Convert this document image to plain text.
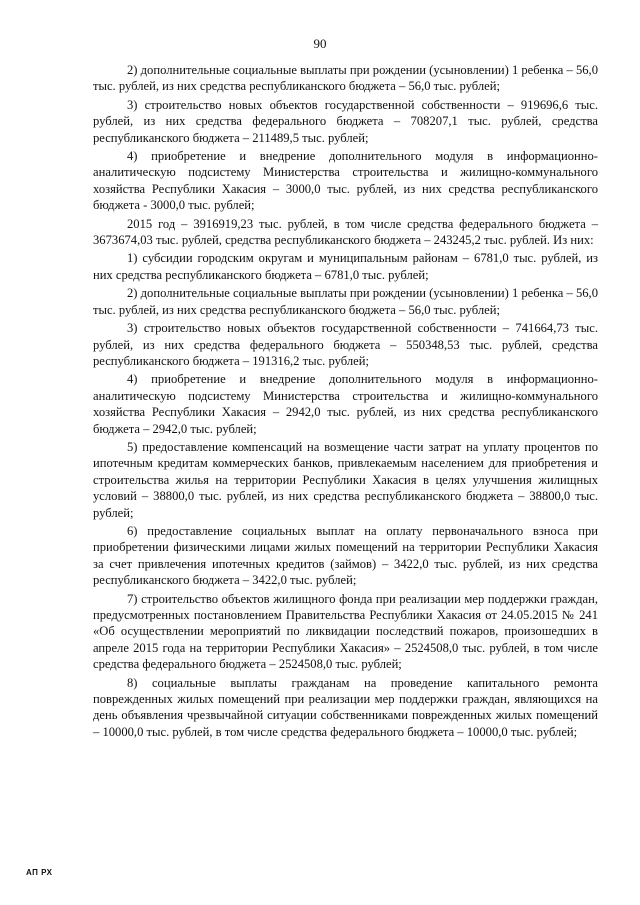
90

2) дополнительные социальные выплаты при рождении (усыновлении) 1 ребенка – 56,0 тыс. рублей, из них средства республиканского бюджета – 56,0 тыс. рублей;

3) строительство новых объектов государственной собственности – 919696,6 тыс. рублей, из них средства федерального бюджета – 708207,1 тыс. рублей, средства республиканского бюджета – 211489,5 тыс. рублей;

4) приобретение и внедрение дополнительного модуля в информационно-аналитическую подсистему Министерства строительства и жилищно-коммунального хозяйства Республики Хакасия – 3000,0 тыс. рублей, из них средства республиканского бюджета - 3000,0 тыс. рублей;

2015 год – 3916919,23 тыс. рублей, в том числе средства федерального бюджета – 3673674,03 тыс. рублей, средства республиканского бюджета – 243245,2 тыс. рублей. Из них:

1) субсидии городским округам и муниципальным районам – 6781,0 тыс. рублей, из них средства республиканского бюджета – 6781,0 тыс. рублей;

2) дополнительные социальные выплаты при рождении (усыновлении) 1 ребенка – 56,0 тыс. рублей, из них средства республиканского бюджета – 56,0 тыс. рублей;

3) строительство новых объектов государственной собственности – 741664,73 тыс. рублей, из них средства федерального бюджета – 550348,53 тыс. рублей, средства республиканского бюджета – 191316,2 тыс. рублей;

4) приобретение и внедрение дополнительного модуля в информационно-аналитическую подсистему Министерства строительства и жилищно-коммунального хозяйства Республики Хакасия – 2942,0 тыс. рублей, из них средства республиканского бюджета – 2942,0 тыс. рублей;

5) предоставление компенсаций на возмещение части затрат на уплату процентов по ипотечным кредитам коммерческих банков, привлекаемым населением для приобретения и строительства жилья на территории Республики Хакасия в целях улучшения жилищных условий – 38800,0 тыс. рублей, из них средства республиканского бюджета – 38800,0 тыс. рублей;

6) предоставление социальных выплат на оплату первоначального взноса при приобретении физическими лицами жилых помещений на территории Республики Хакасия за счет привлечения ипотечных кредитов (займов) – 3422,0 тыс. рублей, из них средства республиканского бюджета – 3422,0 тыс. рублей;

7) строительство объектов жилищного фонда при реализации мер поддержки граждан, предусмотренных постановлением Правительства Республики Хакасия от 24.05.2015 № 241 «Об осуществлении мероприятий по ликвидации последствий пожаров, произошедших в апреле 2015 года на территории Республики Хакасия» – 2524508,0 тыс. рублей, в том числе средства федерального бюджета – 2524508,0 тыс. рублей;

8) социальные выплаты гражданам на проведение капитального ремонта поврежденных жилых помещений при реализации мер поддержки граждан, являющихся на день объявления чрезвычайной ситуации собственниками поврежденных жилых помещений – 10000,0 тыс. рублей, в том числе средства федерального бюджета – 10000,0 тыс. рублей;

АП РХ
